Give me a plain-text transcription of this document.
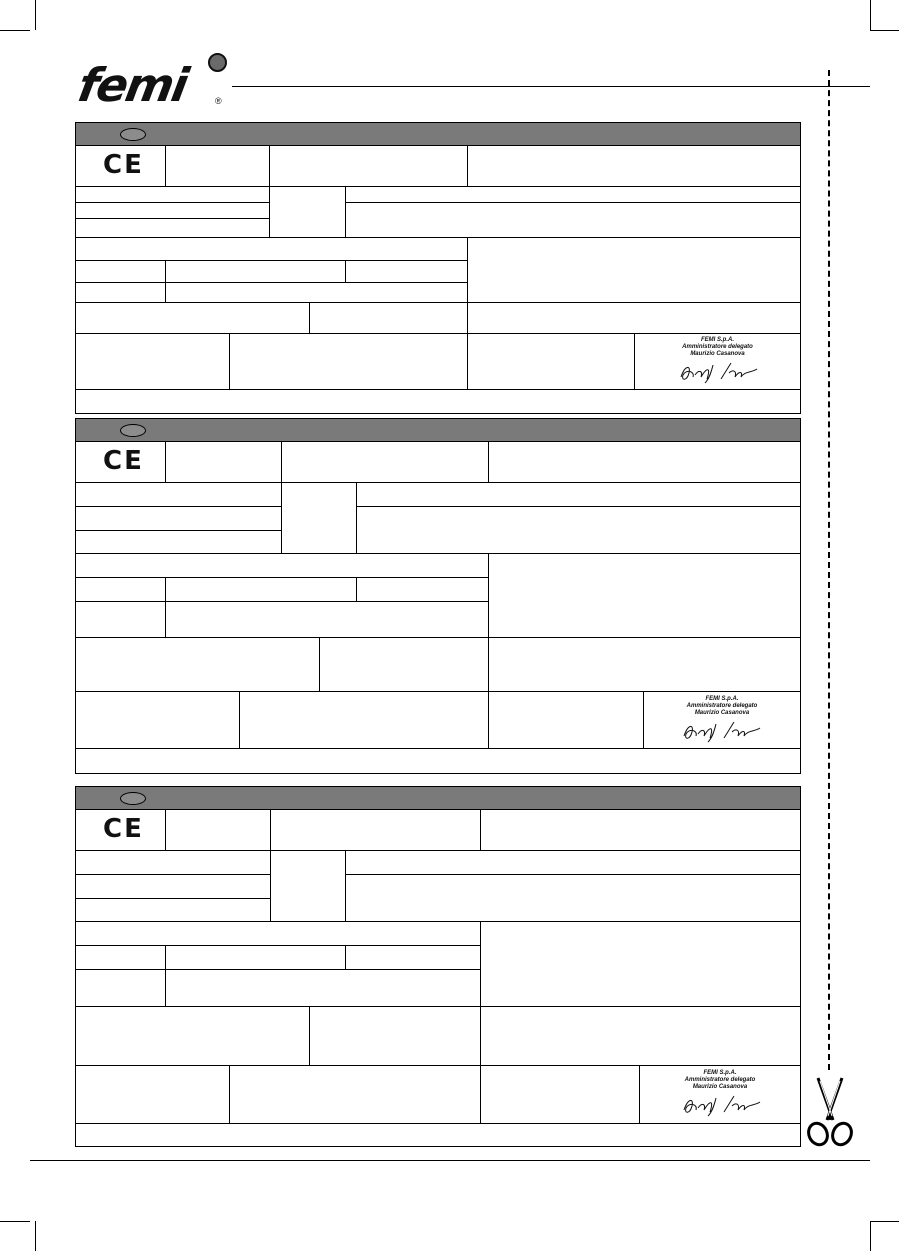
femi	®
CE
FEMI S.p.A.
Amministratore delegato
Maurizio Casanova
CE
FEMI S.p.A.
Amministratore delegato
Maurizio Casanova
CE
FEMI S.p.A.
Amministratore delegato
Maurizio Casanova
